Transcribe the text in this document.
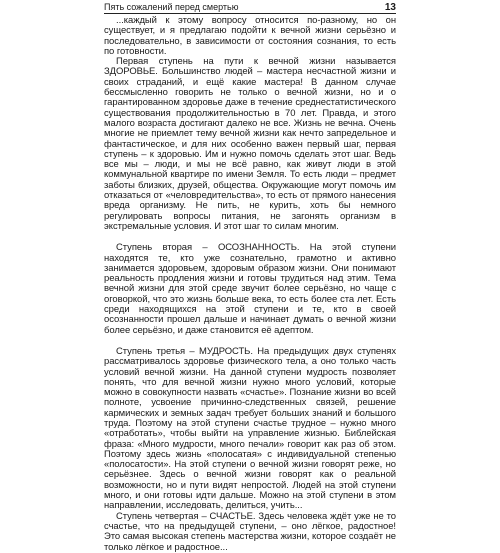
Пять сожалений перед смертью	13

...каждый к этому вопросу относится по-разному, но он существует, и я предлагаю подойти к вечной жизни серьёзно и последовательно, в зависимости от состояния сознания, то есть по готовности.

Первая ступень на пути к вечной жизни называется ЗДОРОВЬЕ. Большинство людей – мастера несчастной жизни и своих страданий, и ещё какие мастера! В данном случае бессмысленно говорить не только о вечной жизни, но и о гарантированном здоровье даже в течение среднестатистического существования продолжительностью в 70 лет. Правда, и этого малого возраста достигают далеко не все. Жизнь не вечна. Очень многие не приемлет тему вечной жизни как нечто запредельное и фантастическое, и для них особенно важен первый шаг, первая ступень – к здоровью. Им и нужно помочь сделать этот шаг. Ведь все мы – люди, и мы не всё равно, как живут люди в этой коммунальной квартире по имени Земля. То есть люди – предмет заботы близких, друзей, общества. Окружающие могут помочь им отказаться от «человредительства», то есть от прямого нанесения вреда организму. Не пить, не курить, хоть бы немного регулировать вопросы питания, не загонять организм в экстремальные условия. И этот шаг то силам многим.

Ступень вторая – ОСОЗНАННОСТЬ. На этой ступени находятся те, кто уже сознательно, грамотно и активно занимается здоровьем, здоровым образом жизни. Они понимают реальность продления жизни и готовы трудиться над этим. Тема вечной жизни для этой среде звучит более серьёзно, но чаще с оговоркой, что это жизнь больше века, то есть более ста лет. Есть среди находящихся на этой ступени и те, кто в своей осознанности прошел дальше и начинает думать о вечной жизни более серьёзно, и даже становится её адептом.

Ступень третья – МУДРОСТЬ. На предыдущих двух ступенях рассматривалось здоровье физического тела, а оно только часть условий вечной жизни. На данной ступени мудрость позволяет понять, что для вечной жизни нужно много условий, которые можно в совокупности назвать «счастье». Познание жизни во всей полноте, усвоение причинно-следственных связей, решение кармических и земных задач требует больших знаний и большого труда. Поэтому на этой ступени счастье трудное – нужно много «отработать», чтобы выйти на управление жизнью. Библейская фраза: «Много мудрости, много печали» говорит как раз об этом. Поэтому здесь жизнь «полосатая» с индивидуальной степенью «полосатости». На этой ступени о вечной жизни говорят реже, но серьёзнее. Здесь о вечной жизни говорят как о реальной возможности, но и пути видят непростой. Людей на этой ступени много, и они готовы идти дальше. Можно на этой ступени в этом направлении, исследовать, делиться, учить...

Ступень четвертая – СЧАСТЬЕ. Здесь человека ждёт уже не то счастье, что на предыдущей ступени, – оно лёгкое, радостное! Это самая высокая степень мастерства жизни, которое создаёт не только лёгкое и радостное...
